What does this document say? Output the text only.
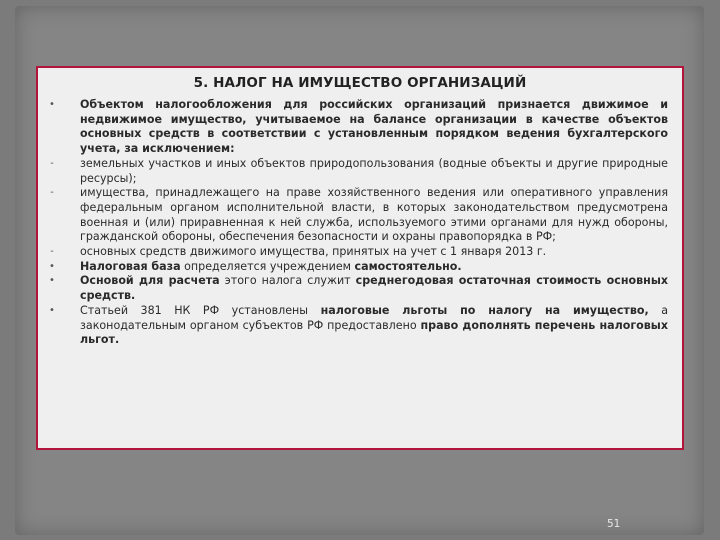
5. НАЛОГ НА ИМУЩЕСТВО ОРГАНИЗАЦИЙ
• Объектом налогообложения для российских организаций признается движимое и недвижимое имущество, учитываемое на балансе организации в качестве объектов основных средств в соответствии с установленным порядком ведения бухгалтерского учета, за исключением:
- земельных участков и иных объектов природопользования (водные объекты и другие природные ресурсы);
- имущества, принадлежащего на праве хозяйственного ведения или оперативного управления федеральным органом исполнительной власти, в которых законодательством предусмотрена военная и (или) приравненная к ней служба, используемого этими органами для нужд обороны, гражданской обороны, обеспечения безопасности и охраны правопорядка в РФ;
- основных средств движимого имущества, принятых на учет с 1 января 2013 г.
• Налоговая база определяется учреждением самостоятельно.
• Основой для расчета этого налога служит среднегодовая остаточная стоимость основных средств.
• Статьей 381 НК РФ установлены налоговые льготы по налогу на имущество, а законодательным органом субъектов РФ предоставлено право дополнять перечень налоговых льгот.
51
